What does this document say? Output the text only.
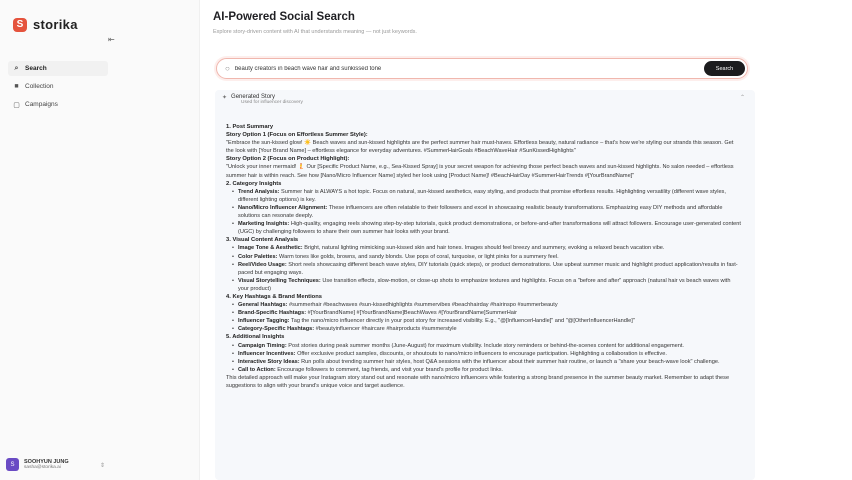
S storika
⇤
⌕ Search
■ Collection
▢ Campaigns
S	SOOHYUN JUNG
sasha@storika.ai	⇕
AI-Powered Social Search
Explore story-driven content with AI that understands meaning — not just keywords.
○
beauty creators in beach wave hair and sunkissed tone	Search
✦ Generated Story
Used for influencer discovery
⌃
1. Post Summary
Story Option 1 (Focus on Effortless Summer Style):
"Embrace the sun-kissed glow! ☀️ Beach waves and sun-kissed highlights are the perfect summer hair must-haves. Effortless beauty, natural radiance – that's how we're styling our strands this season. Get the look with [Your Brand Name] – effortless elegance for everyday adventures. #SummerHairGoals #BeachWaveHair #SunKissedHighlights"
Story Option 2 (Focus on Product Highlight):
"Unlock your inner mermaid! 🧜 Our [Specific Product Name, e.g., Sea-Kissed Spray] is your secret weapon for achieving those perfect beach waves and sun-kissed highlights. No salon needed – effortless summer hair is within reach. See how [Nano/Micro Influencer Name] styled her look using [Product Name]! #BeachHairDay #SummerHairTrends #[YourBrandName]"
2. Category Insights
• Trend Analysis: Summer hair is ALWAYS a hot topic. Focus on natural, sun-kissed aesthetics, easy styling, and products that promise effortless results. Highlighting versatility (different wave styles, different lighting options) is key.
• Nano/Micro Influencer Alignment: These influencers are often relatable to their followers and excel in showcasing realistic beauty transformations. Emphasizing easy DIY methods and affordable solutions can resonate deeply.
• Marketing Insights: High-quality, engaging reels showing step-by-step tutorials, quick product demonstrations, or before-and-after transformations will attract followers. Encourage user-generated content (UGC) by challenging followers to share their own summer hair looks with your brand.
3. Visual Content Analysis
• Image Tone & Aesthetic: Bright, natural lighting mimicking sun-kissed skin and hair tones. Images should feel breezy and summery, evoking a relaxed beach vacation vibe.
• Color Palettes: Warm tones like golds, browns, and sandy blonds. Use pops of coral, turquoise, or light pinks for a summery feel.
• Reel/Video Usage: Short reels showcasing different beach wave styles, DIY tutorials (quick steps), or product demonstrations. Use upbeat summer music and highlight product application/results in fast-paced but engaging ways.
• Visual Storytelling Techniques: Use transition effects, slow-motion, or close-up shots to emphasize textures and highlights. Focus on a "before and after" approach (natural hair vs beach waves with your product)
4. Key Hashtags & Brand Mentions
• General Hashtags: #summerhair #beachwaves #sun-kissedhighlights #summervibes #beachhairday #hairinspo #summerbeauty
• Brand-Specific Hashtags: #[YourBrandName] #[YourBrandName]BeachWaves #[YourBrandName]SummerHair
• Influencer Tagging: Tag the nano/micro influencer directly in your post story for increased visibility. E.g., "@[InfluencerHandle]" and "@[OtherInfluencerHandle]"
• Category-Specific Hashtags: #beautyinfluencer #haircare #hairproducts #summerstyle
5. Additional Insights
• Campaign Timing: Post stories during peak summer months (June-August) for maximum visibility. Include story reminders or behind-the-scenes content for additional engagement.
• Influencer Incentives: Offer exclusive product samples, discounts, or shoutouts to nano/micro influencers to encourage participation. Highlighting a collaboration is effective.
• Interactive Story Ideas: Run polls about trending summer hair styles, host Q&A sessions with the influencer about their summer hair routine, or launch a "share your beach-wave look" challenge.
• Call to Action: Encourage followers to comment, tag friends, and visit your brand's profile for product links.
This detailed approach will make your Instagram story stand out and resonate with nano/micro influencers while fostering a strong brand presence in the summer beauty market. Remember to adapt these suggestions to align with your brand's unique voice and target audience.
